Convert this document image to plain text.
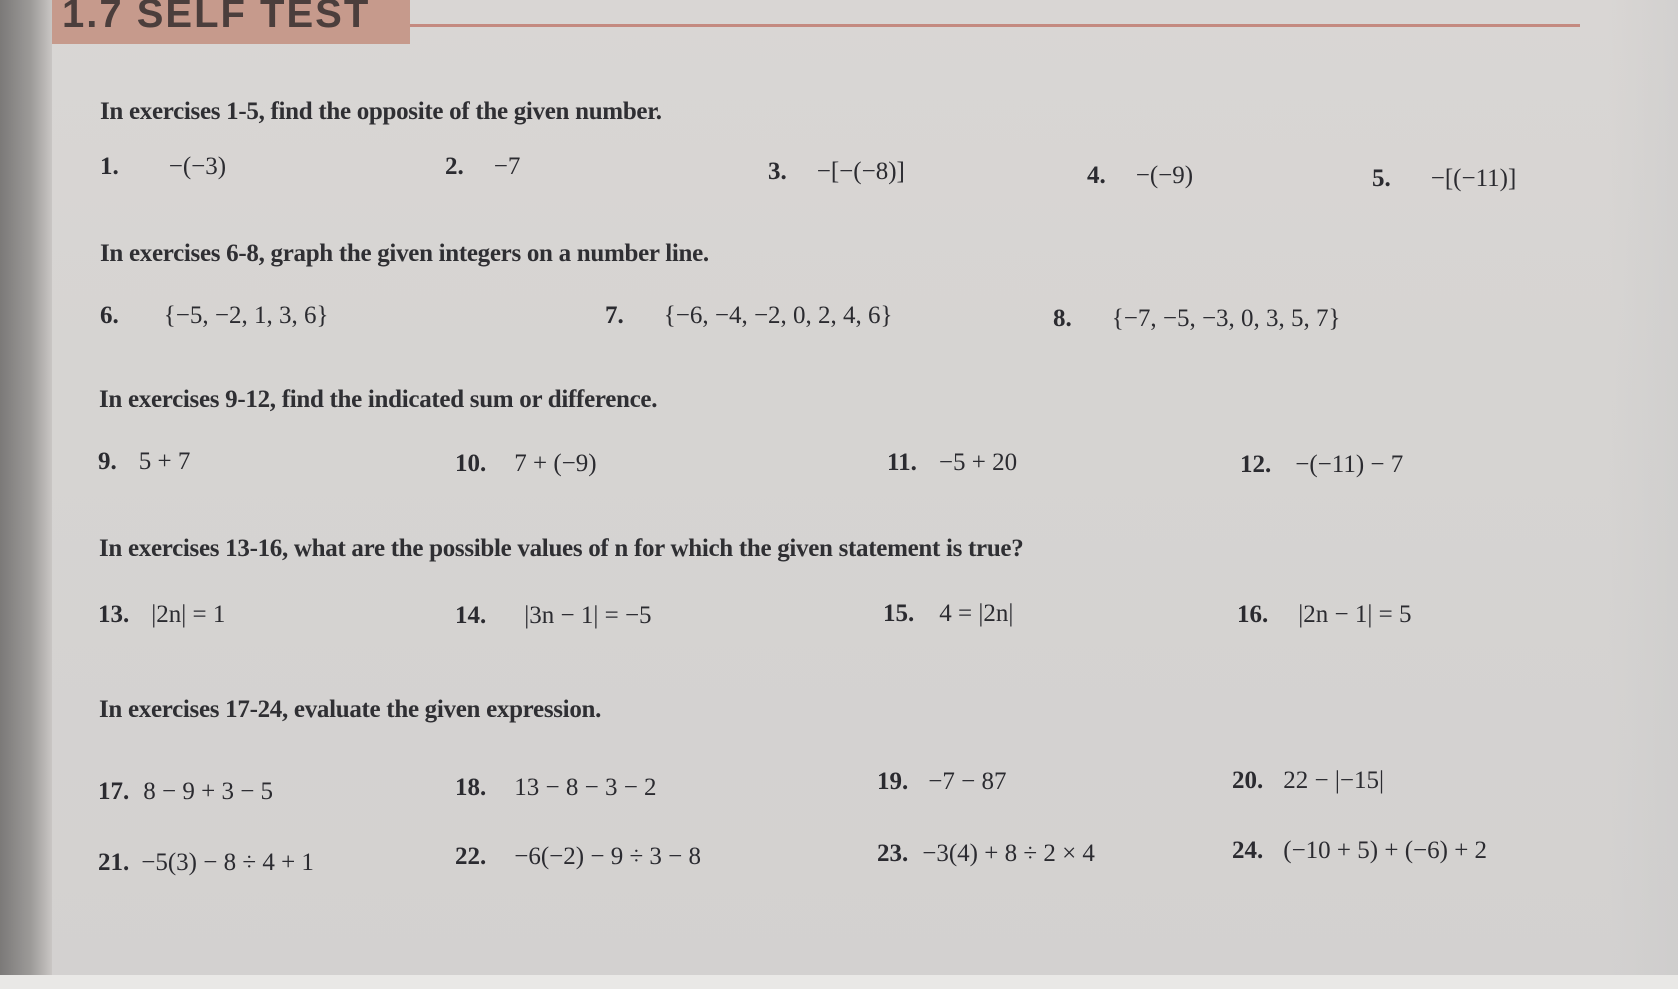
1.7 SELF TEST
In exercises 1-5, find the opposite of the given number.
1. −(−3)	2. −7	3. −[−(−8)]	4. −(−9)	5. −[(−11)]
In exercises 6-8, graph the given integers on a number line.
6. {−5, −2, 1, 3, 6}	7. {−6, −4, −2, 0, 2, 4, 6}	8. {−7, −5, −3, 0, 3, 5, 7}
In exercises 9-12, find the indicated sum or difference.
9. 5 + 7	10. 7 + (−9)	11. −5 + 20	12. −(−11) − 7
In exercises 13-16, what are the possible values of n for which the given statement is true?
13. |2n| = 1	14. |3n − 1| = −5	15. 4 = |2n|	16. |2n − 1| = 5
In exercises 17-24, evaluate the given expression.
17. 8 − 9 + 3 − 5	18. 13 − 8 − 3 − 2	19. −7 − 87	20. 22 − |−15|
21. −5(3) − 8 ÷ 4 + 1	22. −6(−2) − 9 ÷ 3 − 8	23. −3(4) + 8 ÷ 2 × 4	24. (−10 + 5) + (−6) + 2
